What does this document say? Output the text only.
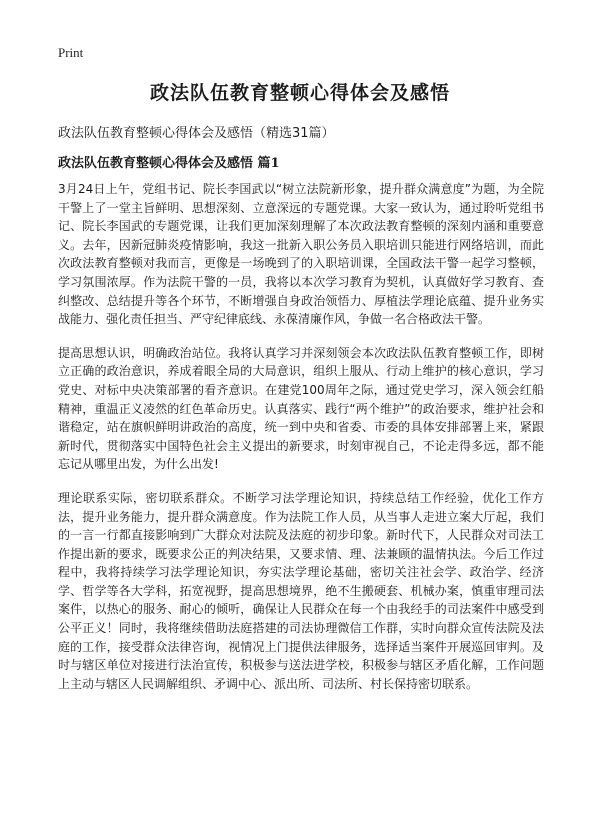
Print
政法队伍教育整顿心得体会及感悟
政法队伍教育整顿心得体会及感悟（精选31篇）
政法队伍教育整顿心得体会及感悟 篇1

3月24日上午，党组书记、院长李国武以“树立法院新形象，提升群众满意度”为题，为全院干警上了一堂主旨鲜明、思想深刻、立意深远的专题党课。大家一致认为，通过聆听党组书记、院长李国武的专题党课，让我们更加深刻理解了本次政法教育整顿的深刻内涵和重要意义。去年，因新冠肺炎疫情影响，我这一批新入职公务员入职培训只能进行网络培训，而此次政法教育整顿对我而言，更像是一场晚到了的入职培训课，全国政法干警一起学习整顿，学习氛围浓厚。作为法院干警的一员，我将以本次学习教育为契机，认真做好学习教育、查纠整改、总结提升等各个环节，不断增强自身政治领悟力、厚植法学理论底蕴、提升业务实战能力、强化责任担当、严守纪律底线、永葆清廉作风，争做一名合格政法干警。

提高思想认识，明确政治站位。我将认真学习并深刻领会本次政法队伍教育整顿工作，即树立正确的政治意识，养成着眼全局的大局意识，组织上服从、行动上维护的核心意识，学习党史、对标中央决策部署的看齐意识。在建党100周年之际，通过党史学习，深入领会红船精神，重温正义凌然的红色革命历史。认真落实、践行“两个维护”的政治要求，维护社会和谐稳定，站在旗帜鲜明讲政治的高度，统一到中央和省委、市委的具体安排部署上来，紧跟新时代，贯彻落实中国特色社会主义提出的新要求，时刻审视自己，不论走得多远，都不能忘记从哪里出发，为什么出发!

理论联系实际，密切联系群众。不断学习法学理论知识，持续总结工作经验，优化工作方法，提升业务能力，提升群众满意度。作为法院工作人员，从当事人走进立案大厅起，我们的一言一行都直接影响到广大群众对法院及法庭的初步印象。新时代下，人民群众对司法工作提出新的要求，既要求公正的判决结果，又要求情、理、法兼顾的温情执法。今后工作过程中，我将持续学习法学理论知识，夯实法学理论基础，密切关注社会学、政治学、经济学、哲学等各大学科，拓宽视野，提高思想境界，绝不生搬硬套、机械办案，慎重审理司法案件，以热心的服务、耐心的倾听，确保让人民群众在每一个由我经手的司法案件中感受到公平正义！同时，我将继续借助法庭搭建的司法协理微信工作群，实时向群众宣传法院及法庭的工作，接受群众法律咨询，视情况上门提供法律服务，选择适当案件开展巡回审判。及时与辖区单位对接进行法治宣传，积极参与送法进学校，积极参与辖区矛盾化解，工作问题上主动与辖区人民调解组织、矛调中心、派出所、司法所、村长保持密切联系。
